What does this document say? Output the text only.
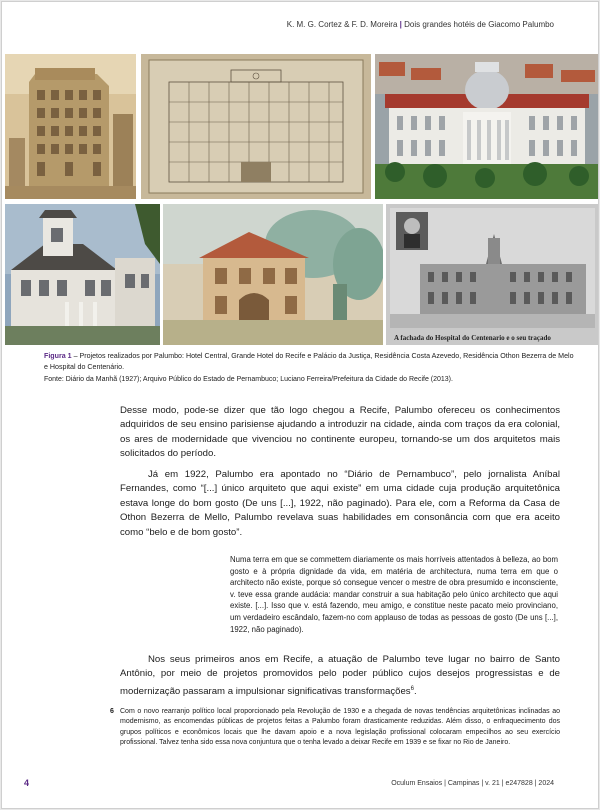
K. M. G. Cortez & F. D. Moreira | Dois grandes hotéis de Giacomo Palumbo
A fachada do Hospital do Centenario e o seu traçado
Figura 1 – Projetos realizados por Palumbo: Hotel Central, Grande Hotel do Recife e Palácio da Justiça, Residência Costa Azevedo, Residência Othon Bezerra de Melo e Hospital do Centenário.
Fonte: Diário da Manhã (1927); Arquivo Público do Estado de Pernambuco; Luciano Ferreira/Prefeitura da Cidade do Recife (2013).

Desse modo, pode-se dizer que tão logo chegou a Recife, Palumbo ofereceu os conhecimentos adquiridos de seu ensino parisiense ajudando a introduzir na cidade, ainda com traços da era colonial, os ares de modernidade que vivenciou no continente europeu, tornando-se um dos arquitetos mais solicitados do período.

Já em 1922, Palumbo era apontado no “Diário de Pernambuco”, pelo jornalista Aníbal Fernandes, como “[...] único arquiteto que aqui existe” em uma cidade cuja produção arquitetônica estava longe do bom gosto (De uns [...], 1922, não paginado). Para ele, com a Reforma da Casa de Othon Bezerra de Mello, Palumbo revelava suas habilidades em consonância com que era aceito como “belo e de bom gosto”.

Numa terra em que se commettem diariamente os mais horríveis attentados à belleza, ao bom gosto e à própria dignidade da vida, em matéria de architectura, numa terra em que o architecto não existe, porque só consegue vencer o mestre de obra presumido e inconsciente, v. teve essa grande audácia: mandar construir a sua habitação pelo único architecto que aqui existe. [...]. Isso que v. está fazendo, meu amigo, e constitue neste pacato meio provinciano, um verdadeiro escândalo, fazem-no com applauso de todas as pessoas de gosto (De uns [...], 1922, não paginado).

Nos seus primeiros anos em Recife, a atuação de Palumbo teve lugar no bairro de Santo Antônio, por meio de projetos promovidos pelo poder público cujos desejos progressistas e de modernização passaram a impulsionar significativas transformações$^6$.

6 Com o novo rearranjo político local proporcionado pela Revolução de 1930 e a chegada de novas tendências arquitetônicas inclinadas ao modernismo, as encomendas públicas de projetos feitas a Palumbo foram drasticamente reduzidas. Além disso, o enfraquecimento dos grupos políticos e econômicos locais que lhe davam apoio e a nova legislação profissional colocaram empecilhos ao seu exercício profissional. Talvez tenha sido essa nova conjuntura que o tenha levado a deixar Recife em 1939 e se fixar no Rio de Janeiro.

4	Oculum Ensaios | Campinas | v. 21 | e247828 | 2024
